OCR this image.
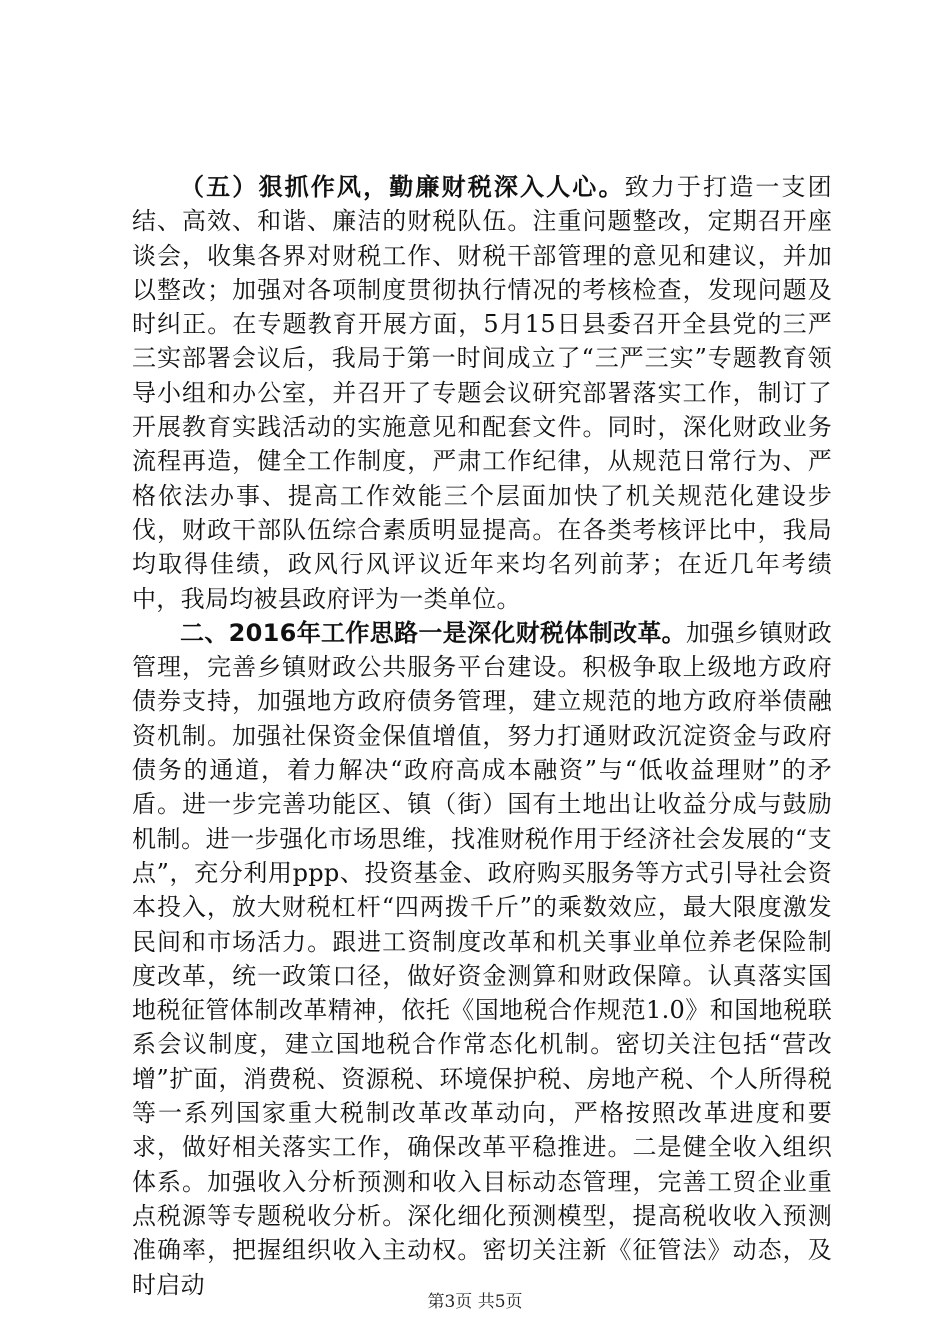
（五）狠抓作风，勤廉财税深入人心。致力于打造一支团结、高效、和谐、廉洁的财税队伍。注重问题整改，定期召开座谈会，收集各界对财税工作、财税干部管理的意见和建议，并加以整改；加强对各项制度贯彻执行情况的考核检查，发现问题及时纠正。在专题教育开展方面，5月15日县委召开全县党的三严三实部署会议后，我局于第一时间成立了“三严三实”专题教育领导小组和办公室，并召开了专题会议研究部署落实工作，制订了开展教育实践活动的实施意见和配套文件。同时，深化财政业务流程再造，健全工作制度，严肃工作纪律，从规范日常行为、严格依法办事、提高工作效能三个层面加快了机关规范化建设步伐，财政干部队伍综合素质明显提高。在各类考核评比中，我局均取得佳绩，政风行风评议近年来均名列前茅；在近几年考绩中，我局均被县政府评为一类单位。

二、2016年工作思路一是深化财税体制改革。加强乡镇财政管理，完善乡镇财政公共服务平台建设。积极争取上级地方政府债券支持，加强地方政府债务管理，建立规范的地方政府举债融资机制。加强社保资金保值增值，努力打通财政沉淀资金与政府债务的通道，着力解决“政府高成本融资”与“低收益理财”的矛盾。进一步完善功能区、镇（街）国有土地出让收益分成与鼓励机制。进一步强化市场思维，找准财税作用于经济社会发展的“支点”，充分利用ppp、投资基金、政府购买服务等方式引导社会资本投入，放大财税杠杆“四两拨千斤”的乘数效应，最大限度激发民间和市场活力。跟进工资制度改革和机关事业单位养老保险制度改革，统一政策口径，做好资金测算和财政保障。认真落实国地税征管体制改革精神，依托《国地税合作规范1.0》和国地税联系会议制度，建立国地税合作常态化机制。密切关注包括“营改增”扩面，消费税、资源税、环境保护税、房地产税、个人所得税等一系列国家重大税制改革改革动向，严格按照改革进度和要求，做好相关落实工作，确保改革平稳推进。二是健全收入组织体系。加强收入分析预测和收入目标动态管理，完善工贸企业重点税源等专题税收分析。深化细化预测模型，提高税收收入预测准确率，把握组织收入主动权。密切关注新《征管法》动态，及时启动

第3页 共5页
